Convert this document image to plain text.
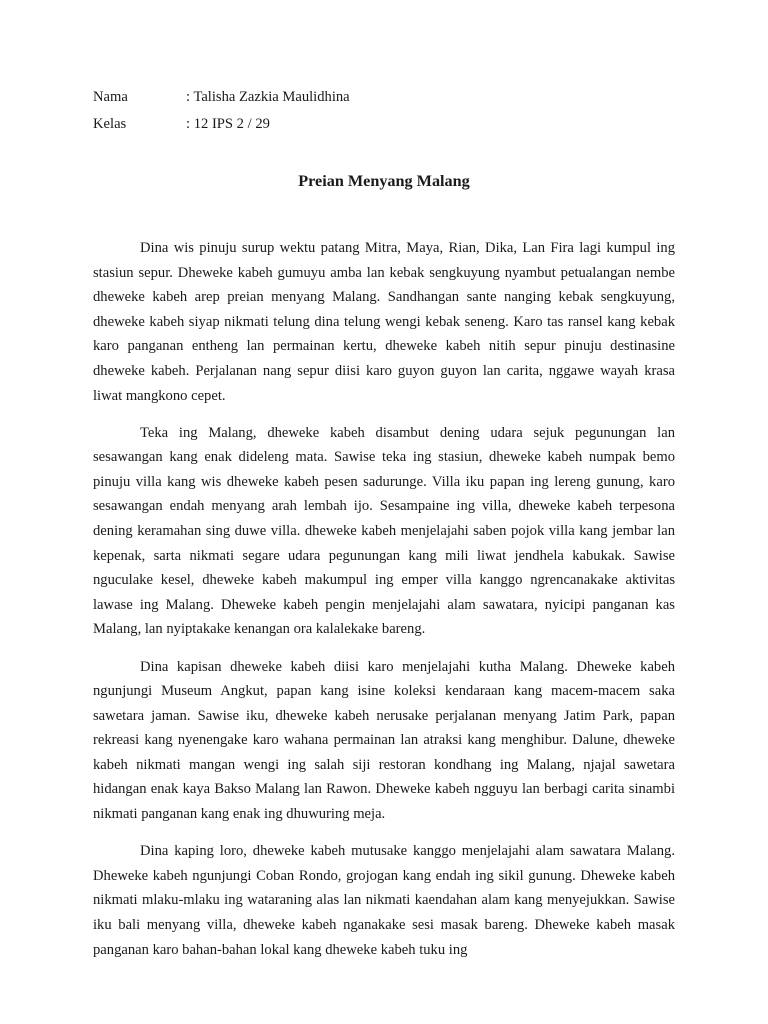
Nama	: Talisha Zazkia Maulidhina
Kelas	: 12 IPS 2 / 29
Preian Menyang Malang

Dina wis pinuju surup wektu patang Mitra, Maya, Rian, Dika, Lan Fira lagi kumpul ing stasiun sepur. Dheweke kabeh gumuyu amba lan kebak sengkuyung nyambut petualangan nembe dheweke kabeh arep preian menyang Malang. Sandhangan sante nanging kebak sengkuyung, dheweke kabeh siyap nikmati telung dina telung wengi kebak seneng. Karo tas ransel kang kebak karo panganan entheng lan permainan kertu, dheweke kabeh nitih sepur pinuju destinasine dheweke kabeh. Perjalanan nang sepur diisi karo guyon guyon lan carita, nggawe wayah krasa liwat mangkono cepet.

Teka ing Malang, dheweke kabeh disambut dening udara sejuk pegunungan lan sesawangan kang enak dideleng mata. Sawise teka ing stasiun, dheweke kabeh numpak bemo pinuju villa kang wis dheweke kabeh pesen sadurunge. Villa iku papan ing lereng gunung, karo sesawangan endah menyang arah lembah ijo. Sesampaine ing villa, dheweke kabeh terpesona dening keramahan sing duwe villa. dheweke kabeh menjelajahi saben pojok villa kang jembar lan kepenak, sarta nikmati segare udara pegunungan kang mili liwat jendhela kabukak. Sawise nguculake kesel, dheweke kabeh makumpul ing emper villa kanggo ngrencanakake aktivitas lawase ing Malang. Dheweke kabeh pengin menjelajahi alam sawatara, nyicipi panganan kas Malang, lan nyiptakake kenangan ora kalalekake bareng.

Dina kapisan dheweke kabeh diisi karo menjelajahi kutha Malang. Dheweke kabeh ngunjungi Museum Angkut, papan kang isine koleksi kendaraan kang macem-macem saka sawetara jaman. Sawise iku, dheweke kabeh nerusake perjalanan menyang Jatim Park, papan rekreasi kang nyenengake karo wahana permainan lan atraksi kang menghibur. Dalune, dheweke kabeh nikmati mangan wengi ing salah siji restoran kondhang ing Malang, njajal sawetara hidangan enak kaya Bakso Malang lan Rawon. Dheweke kabeh ngguyu lan berbagi carita sinambi nikmati panganan kang enak ing dhuwuring meja.

Dina kaping loro, dheweke kabeh mutusake kanggo menjelajahi alam sawatara Malang. Dheweke kabeh ngunjungi Coban Rondo, grojogan kang endah ing sikil gunung. Dheweke kabeh nikmati mlaku-mlaku ing wataraning alas lan nikmati kaendahan alam kang menyejukkan. Sawise iku bali menyang villa, dheweke kabeh nganakake sesi masak bareng. Dheweke kabeh masak panganan karo bahan-bahan lokal kang dheweke kabeh tuku ing
